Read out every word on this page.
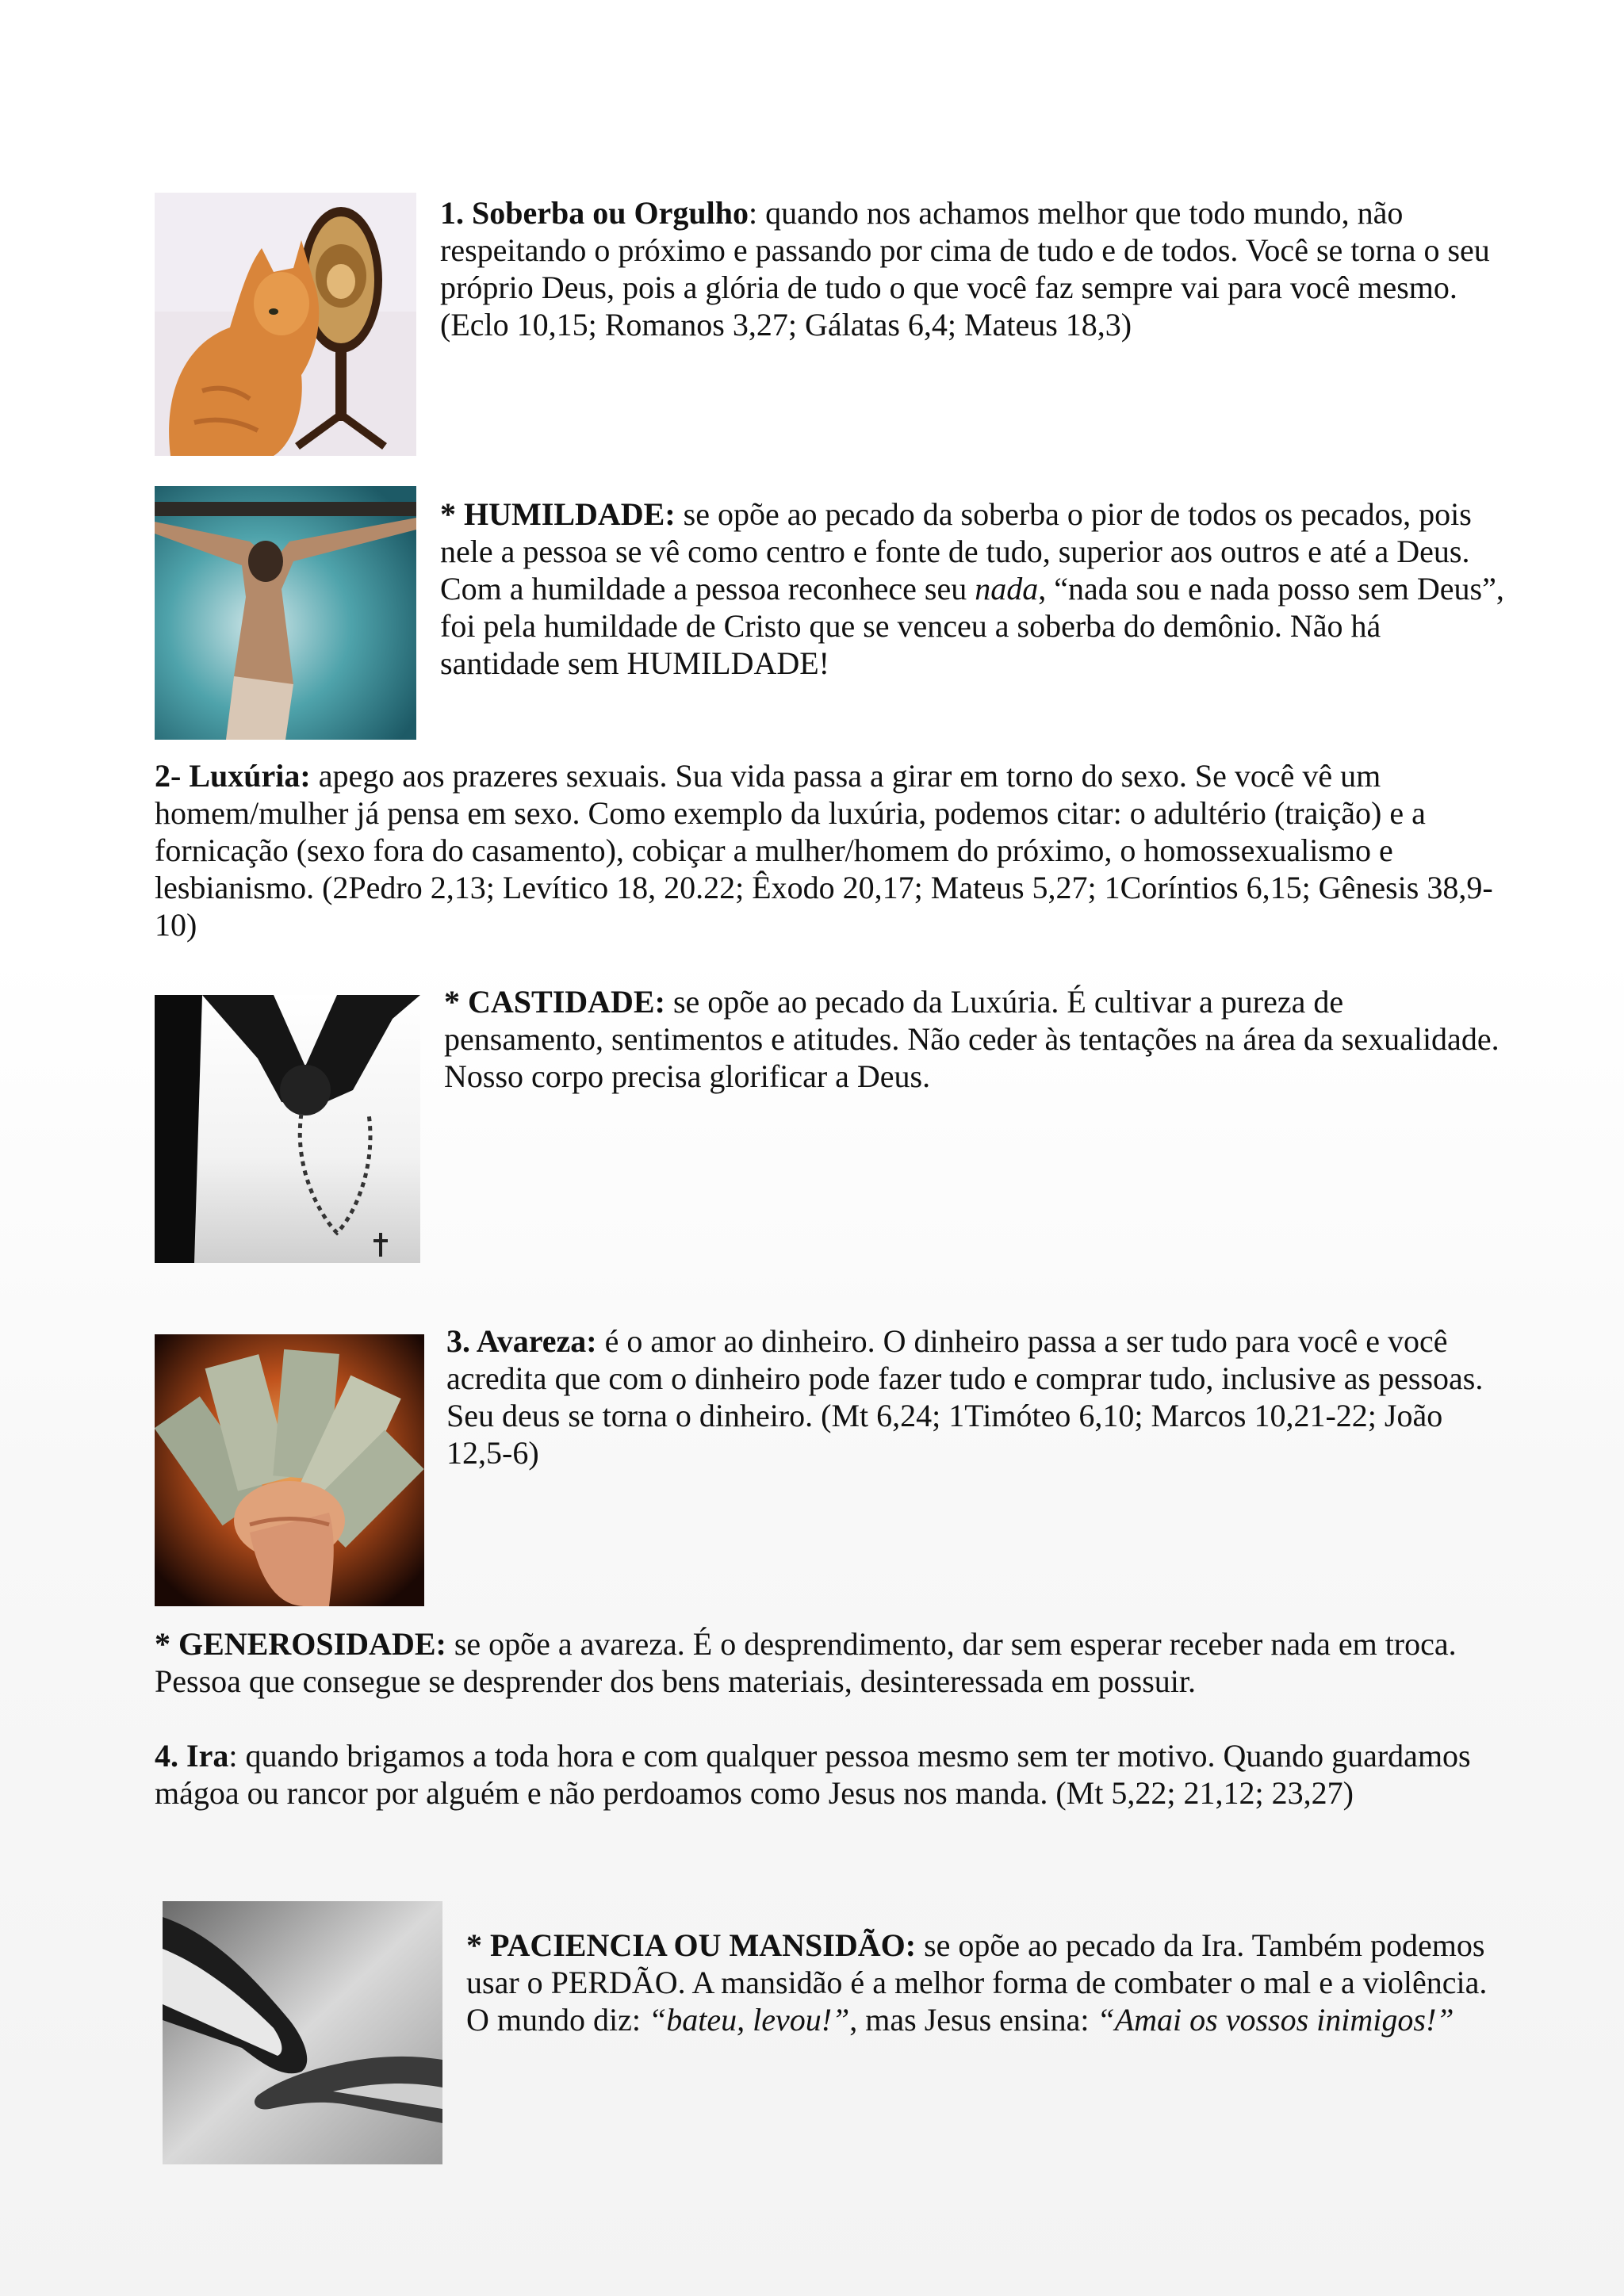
1. Soberba ou Orgulho: quando nos achamos melhor que todo mundo, não respeitando o próximo e passando por cima de tudo e de todos. Você se torna o seu próprio Deus, pois a glória de tudo o que você faz sempre vai para você mesmo. (Eclo 10,15; Romanos 3,27; Gálatas 6,4; Mateus 18,3)

* HUMILDADE: se opõe ao pecado da soberba o pior de todos os pecados, pois nele a pessoa se vê como centro e fonte de tudo, superior aos outros e até a Deus. Com a humildade a pessoa reconhece seu nada, “nada sou e nada posso sem Deus”, foi pela humildade de Cristo que se venceu a soberba do demônio. Não há santidade sem HUMILDADE!

2- Luxúria: apego aos prazeres sexuais. Sua vida passa a girar em torno do sexo. Se você vê um homem/mulher já pensa em sexo. Como exemplo da luxúria, podemos citar: o adultério (traição) e a fornicação (sexo fora do casamento), cobiçar a mulher/homem do próximo, o homossexualismo e lesbianismo. (2Pedro 2,13; Levítico 18, 20.22; Êxodo 20,17; Mateus 5,27; 1Coríntios 6,15; Gênesis 38,9-10)

* CASTIDADE: se opõe ao pecado da Luxúria. É cultivar a pureza de pensamento, sentimentos e atitudes. Não ceder às tentações na área da sexualidade. Nosso corpo precisa glorificar a Deus.

3. Avareza: é o amor ao dinheiro. O dinheiro passa a ser tudo para você e você acredita que com o dinheiro pode fazer tudo e comprar tudo, inclusive as pessoas. Seu deus se torna o dinheiro. (Mt 6,24; 1Timóteo 6,10; Marcos 10,21-22; João 12,5-6)

* GENEROSIDADE: se opõe a avareza. É o desprendimento, dar sem esperar receber nada em troca. Pessoa que consegue se desprender dos bens materiais, desinteressada em possuir.

4. Ira: quando brigamos a toda hora e com qualquer pessoa mesmo sem ter motivo. Quando guardamos mágoa ou rancor por alguém e não perdoamos como Jesus nos manda. (Mt 5,22; 21,12; 23,27)

* PACIENCIA OU MANSIDÃO: se opõe ao pecado da Ira. Também podemos usar o PERDÃO. A mansidão é a melhor forma de combater o mal e a violência. O mundo diz: “bateu, levou!”, mas Jesus ensina: “Amai os vossos inimigos!”
